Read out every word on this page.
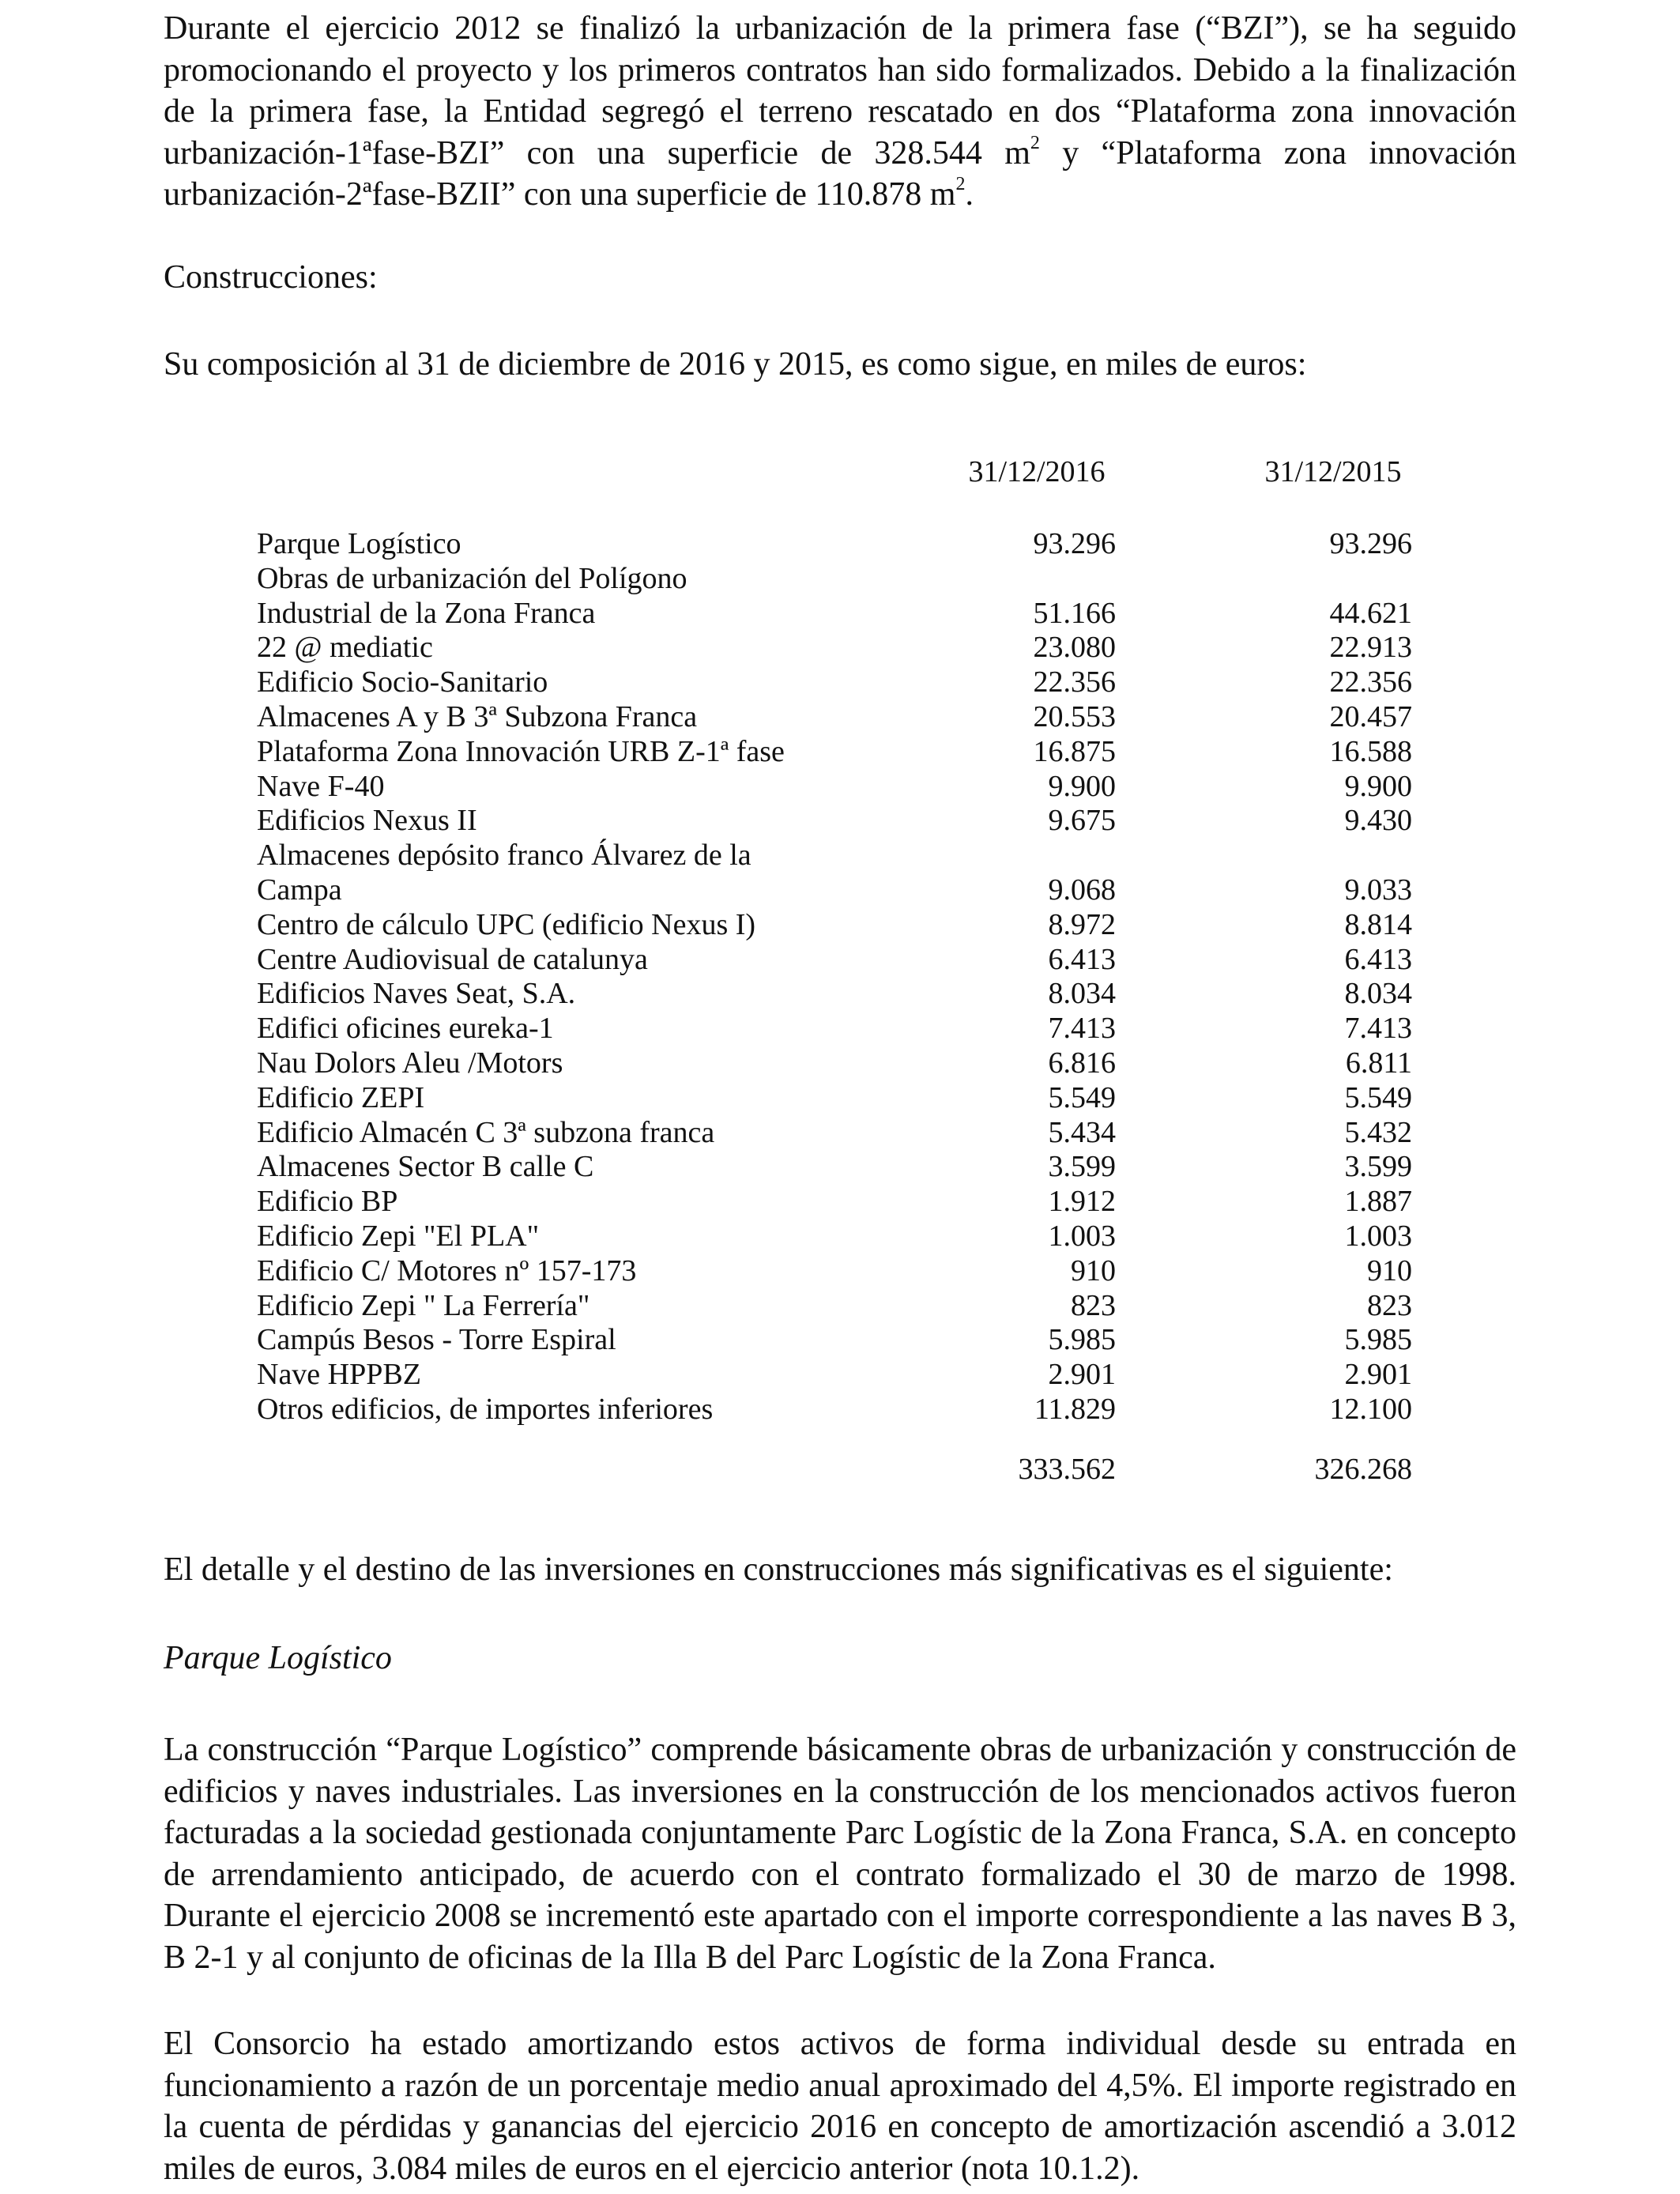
Durante el ejercicio 2012 se finalizó la urbanización de la primera fase (“BZI”), se ha seguido promocionando el proyecto y los primeros contratos han sido formalizados. Debido a la finalización de la primera fase, la Entidad segregó el terreno rescatado en dos “Plataforma zona innovación urbanización-1ªfase-BZI” con una superficie de 328.544 $m^2$ y “Plataforma zona innovación urbanización-2ªfase-BZII” con una superficie de 110.878 $m^2$.

Construcciones:
Su composición al 31 de diciembre de 2016 y 2015, es como sigue, en miles de euros:
31/12/2016	31/12/2015
Parque Logístico	93.296	93.296
Obras de urbanización del Polígono
Industrial de la Zona Franca	51.166	44.621
22 @ mediatic	23.080	22.913
Edificio Socio-Sanitario	22.356	22.356
Almacenes A y B 3ª Subzona Franca	20.553	20.457
Plataforma Zona Innovación URB Z-1ª fase	16.875	16.588
Nave F-40	9.900	9.900
Edificios Nexus II	9.675	9.430
Almacenes depósito franco Álvarez de la
Campa	9.068	9.033
Centro de cálculo UPC (edificio Nexus I)	8.972	8.814
Centre Audiovisual de catalunya	6.413	6.413
Edificios Naves Seat, S.A.	8.034	8.034
Edifici oficines eureka-1	7.413	7.413
Nau Dolors Aleu /Motors	6.816	6.811
Edificio ZEPI	5.549	5.549
Edificio Almacén C 3ª subzona franca	5.434	5.432
Almacenes Sector B calle C	3.599	3.599
Edificio BP	1.912	1.887
Edificio Zepi "El PLA"	1.003	1.003
Edificio C/ Motores nº 157-173	910	910
Edificio Zepi " La Ferrería"	823	823
Campús Besos - Torre Espiral	5.985	5.985
Nave HPPBZ	2.901	2.901
Otros edificios, de importes inferiores	11.829	12.100
333.562	326.268
El detalle y el destino de las inversiones en construcciones más significativas es el siguiente:
Parque Logístico

La construcción “Parque Logístico” comprende básicamente obras de urbanización y construcción de edificios y naves industriales. Las inversiones en la construcción de los mencionados activos fueron facturadas a la sociedad gestionada conjuntamente Parc Logístic de la Zona Franca, S.A. en concepto de arrendamiento anticipado, de acuerdo con el contrato formalizado el 30 de marzo de 1998. Durante el ejercicio 2008 se incrementó este apartado con el importe correspondiente a las naves B 3, B 2-1 y al conjunto de oficinas de la Illa B del Parc Logístic de la Zona Franca.

El Consorcio ha estado amortizando estos activos de forma individual desde su entrada en funcionamiento a razón de un porcentaje medio anual aproximado del 4,5%. El importe registrado en la cuenta de pérdidas y ganancias del ejercicio 2016 en concepto de amortización ascendió a 3.012 miles de euros, 3.084 miles de euros en el ejercicio anterior (nota 10.1.2).
